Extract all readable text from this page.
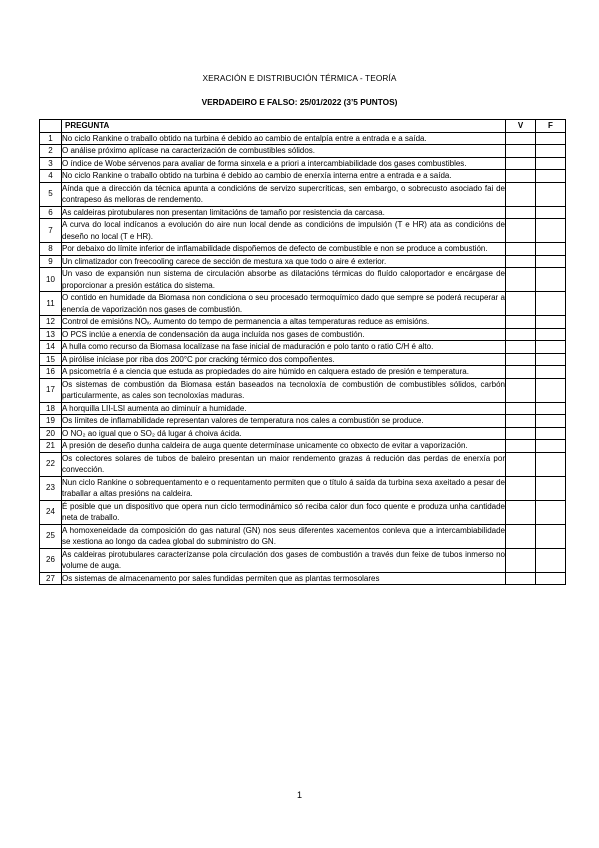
XERACIÓN E DISTRIBUCIÓN TÉRMICA - TEORÍA
VERDADEIRO E FALSO: 25/01/2022 (3’5 PUNTOS)
	PREGUNTA	V	F
1	No ciclo Rankine o traballo obtido na turbina é debido ao cambio de entalpía entre a entrada e a saída.		
2	O análise próximo aplícase na caracterización de combustibles sólidos.		
3	O índice de Wobe sérvenos para avaliar de forma sinxela e a priori a intercambiabilidade dos gases combustibles.		
4	No ciclo Rankine o traballo obtido na turbina é debido ao cambio de enerxía interna entre a entrada e a saída.		
5	Aínda que a dirección da técnica apunta a condicións de servizo supercríticas, sen embargo, o sobrecusto asociado fai de contrapeso ás melloras de rendemento.		
6	As caldeiras pirotubulares non presentan limitacións de tamaño por resistencia da carcasa.		
7	A curva do local indícanos a evolución do aire nun local dende as condicións de impulsión (T e HR) ata as condicións de deseño no local (T e HR).		
8	Por debaixo do límite inferior de inflamabilidade dispoñemos de defecto de combustible e non se produce a combustión.		
9	Un climatizador con freecooling carece de sección de mestura xa que todo o aire é exterior.		
10	Un vaso de expansión nun sistema de circulación absorbe as dilatacións térmicas do fluído caloportador e encárgase de proporcionar a presión estática do sistema.		
11	O contido en humidade da Biomasa non condiciona o seu procesado termoquímico dado que sempre se poderá recuperar a enerxía de vaporización nos gases de combustión.		
12	Control de emisións NOₓ. Aumento do tempo de permanencia a altas temperaturas reduce as emisións.		
13	O PCS inclúe a enerxía de condensación da auga incluída nos gases de combustión.		
14	A hulla como recurso da Biomasa localízase na fase inicial de maduración e polo tanto o ratio C/H é alto.		
15	A pirólise iníciase por riba dos 200°C por cracking térmico dos compoñentes.		
16	A psicometría é a ciencia que estuda as propiedades do aire húmido en calquera estado de presión e temperatura.		
17	Os sistemas de combustión da Biomasa están baseados na tecnoloxía de combustión de combustibles sólidos, carbón particularmente, as cales son tecnoloxías maduras.		
18	A horquilla LII-LSI aumenta ao diminuír a humidade.		
19	Os límites de inflamabilidade representan valores de temperatura nos cales a combustión se produce.		
20	O NO₂ ao igual que o SO₂ dá lugar á choiva ácida.		
21	A presión de deseño dunha caldeira de auga quente determínase unicamente co obxecto de evitar a vaporización.		
22	Os colectores solares de tubos de baleiro presentan un maior rendemento grazas á redución das perdas de enerxía por convección.		
23	Nun ciclo Rankine o sobrequentamento e o requentamento permiten que o título á saída da turbina sexa axeitado a pesar de traballar a altas presións na caldeira.		
24	É posible que un dispositivo que opera nun ciclo termodinámico só reciba calor dun foco quente e produza unha cantidade neta de traballo.		
25	A homoxeneidade da composición do gas natural (GN) nos seus diferentes xacementos conleva que a intercambiabilidade se xestiona ao longo da cadea global do subministro do GN.		
26	As caldeiras pirotubulares caracterízanse pola circulación dos gases de combustión a través dun feixe de tubos inmerso no volume de auga.		
27	Os sistemas de almacenamento por sales fundidas permiten que as plantas termosolares		
1
